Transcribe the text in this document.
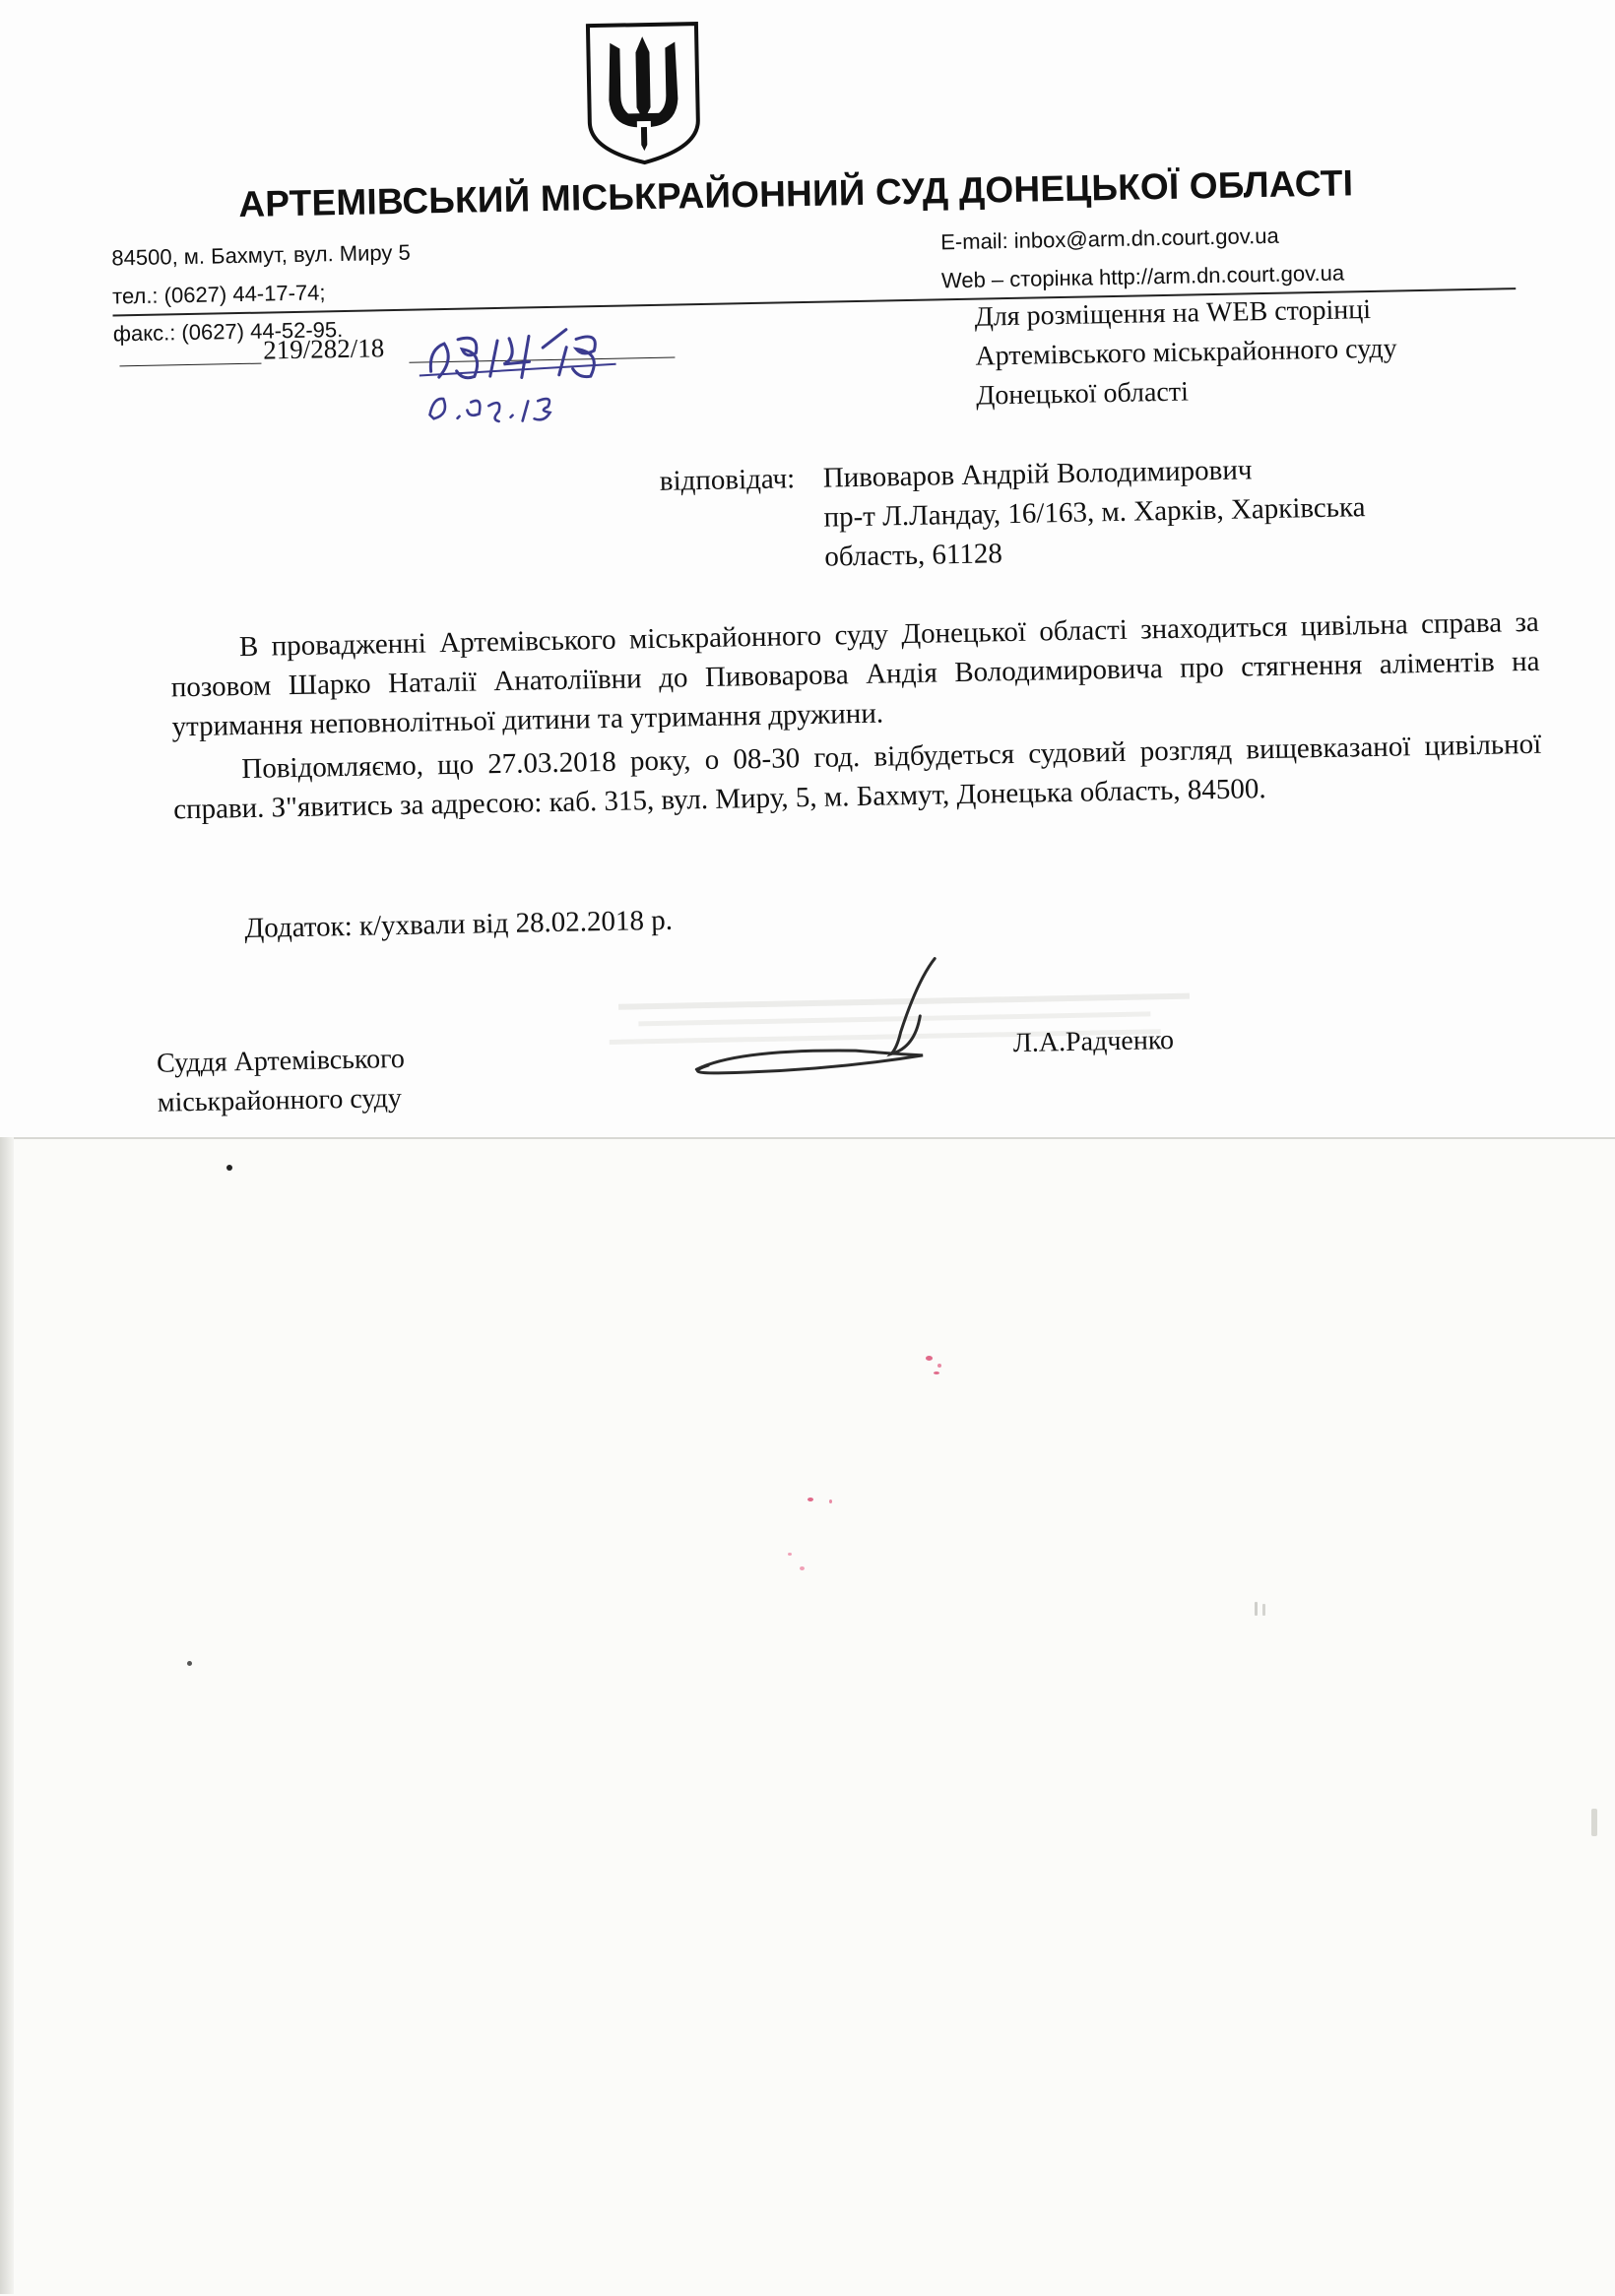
АРТЕМІВСЬКИЙ МІСЬКРАЙОННИЙ СУД ДОНЕЦЬКОЇ ОБЛАСТІ
84500, м. Бахмут, вул. Миру 5
тел.: (0627) 44-17-74;
факс.: (0627) 44-52-95.
E-mail: inbox@arm.dn.court.gov.ua
Web – сторінка http://arm.dn.court.gov.ua
219/282/18
Для розміщення на WEB сторінці
Артемівського міськрайонного суду
Донецької області
відповідач: Пивоваров Андрій Володимирович
пр-т Л.Ландау, 16/163, м. Харків, Харківська
область, 61128
В провадженні Артемівського міськрайонного суду Донецької області знаходиться цивільна справа за позовом Шарко Наталії Анатоліївни до Пивоварова Андія Володимировича про стягнення аліментів на утримання неповнолітньої дитини та утримання дружини.
Повідомляємо, що 27.03.2018 року, о 08-30 год. відбудеться судовий розгляд вищевказаної цивільної справи. З"явитись за адресою: каб. 315, вул. Миру, 5, м. Бахмут, Донецька область, 84500.
Додаток: к/ухвали від 28.02.2018 р.
Суддя Артемівського
міськрайонного суду
Л.А.Радченко
